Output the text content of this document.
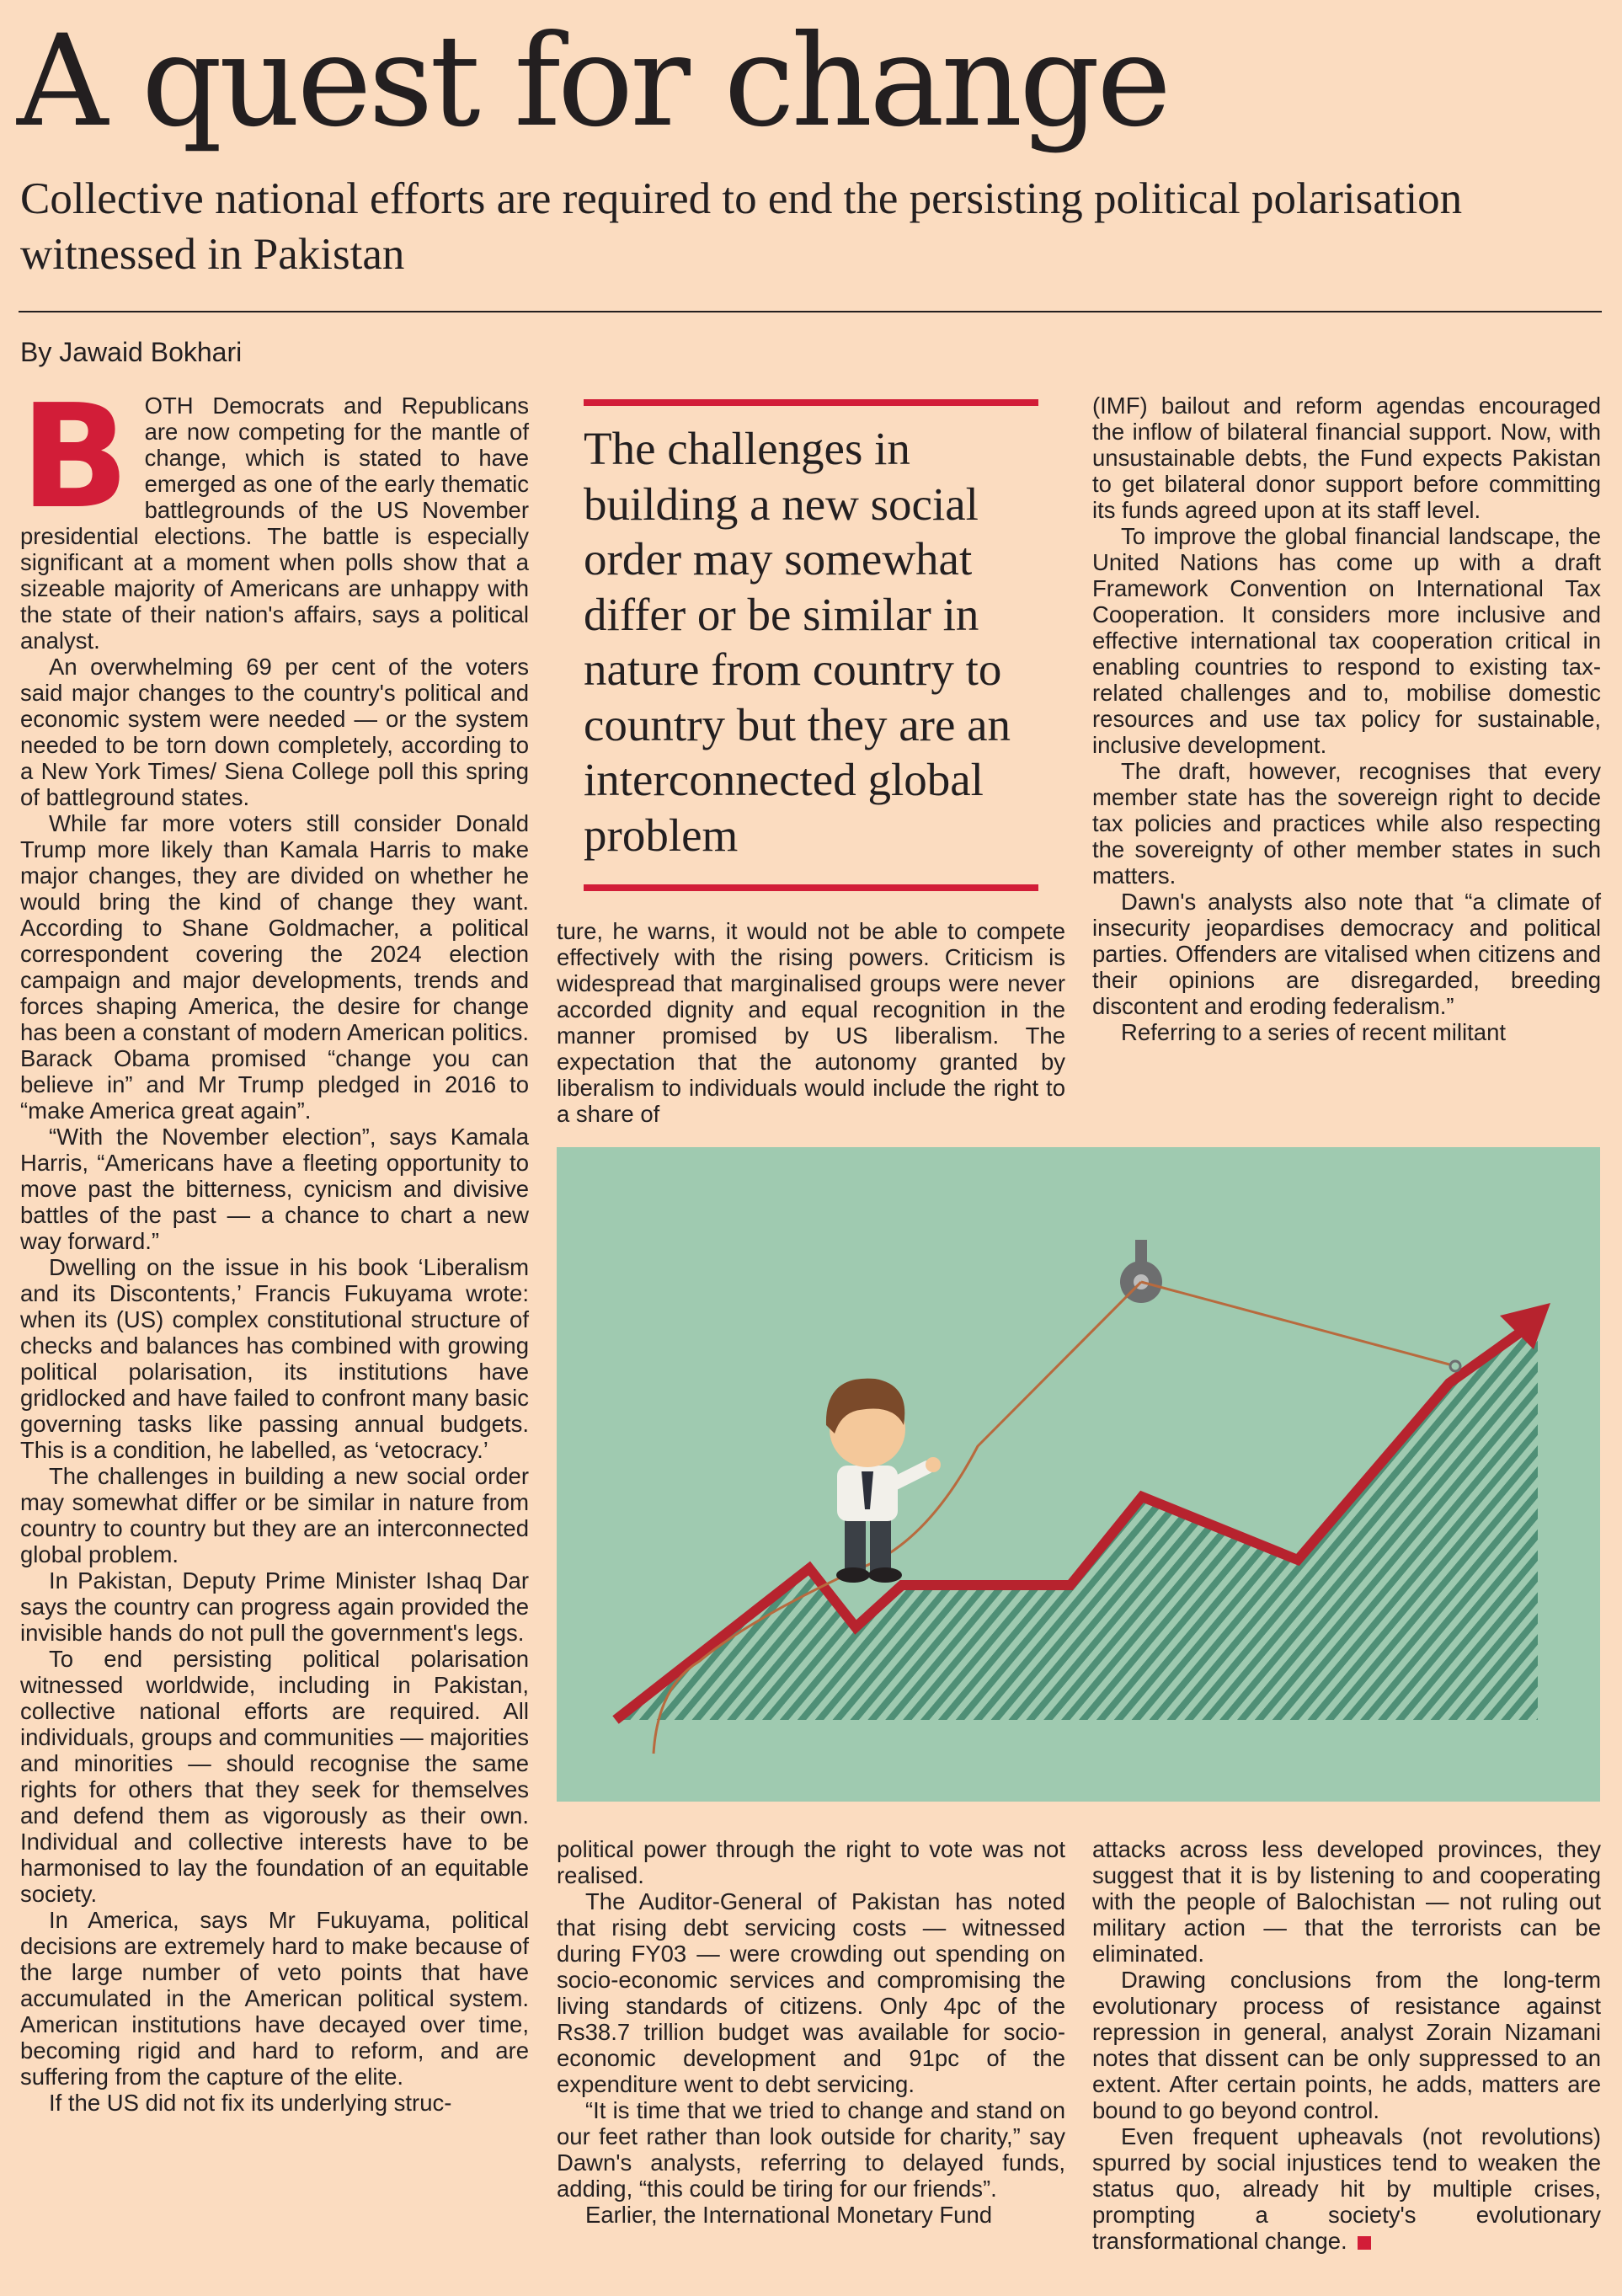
A quest for change
Collective national efforts are required to end the persisting political polarisation witnessed in Pakistan
By Jawaid Bokhari
B OTH Democrats and Republicans are now competing for the mantle of change, which is stated to have emerged as one of the early thematic battlegrounds of the US November presidential elections. The battle is especially significant at a moment when polls show that a sizeable majority of Americans are unhappy with the state of their nation's affairs, says a political analyst.

An overwhelming 69 per cent of the voters said major changes to the country's political and economic system were needed — or the system needed to be torn down completely, according to a New York Times/ Siena College poll this spring of battleground states.

While far more voters still consider Donald Trump more likely than Kamala Harris to make major changes, they are divided on whether he would bring the kind of change they want. According to Shane Goldmacher, a political correspondent covering the 2024 election campaign and major developments, trends and forces shaping America, the desire for change has been a constant of modern American politics. Barack Obama promised “change you can believe in” and Mr Trump pledged in 2016 to “make America great again”.

“With the November election”, says Kamala Harris, “Americans have a fleeting opportunity to move past the bitterness, cynicism and divisive battles of the past — a chance to chart a new way forward.”

Dwelling on the issue in his book ‘Liberalism and its Discontents,’ Francis Fukuyama wrote: when its (US) complex constitutional structure of checks and balances has combined with growing political polarisation, its institutions have gridlocked and have failed to confront many basic governing tasks like passing annual budgets. This is a condition, he labelled, as ‘vetocracy.’

The challenges in building a new social order may somewhat differ or be similar in nature from country to country but they are an interconnected global problem.

In Pakistan, Deputy Prime Minister Ishaq Dar says the country can progress again provided the invisible hands do not pull the government's legs.

To end persisting political polarisation witnessed worldwide, including in Pakistan, collective national efforts are required. All individuals, groups and communities — majorities and minorities — should recognise the same rights for others that they seek for themselves and defend them as vigorously as their own. Individual and collective interests have to be harmonised to lay the foundation of an equitable society.

In America, says Mr Fukuyama, political decisions are extremely hard to make because of the large number of veto points that have accumulated in the American political system. American institutions have decayed over time, becoming rigid and hard to reform, and are suffering from the capture of the elite.

If the US did not fix its underlying struc-

The challenges in building a new social order may somewhat differ or be similar in nature from country to country but they are an interconnected global problem

ture, he warns, it would not be able to compete effectively with the rising powers. Criticism is widespread that marginalised groups were never accorded dignity and equal recognition in the manner promised by US liberalism. The expectation that the autonomy granted by liberalism to individuals would include the right to a share of

(IMF) bailout and reform agendas encouraged the inflow of bilateral financial support. Now, with unsustainable debts, the Fund expects Pakistan to get bilateral donor support before committing its funds agreed upon at its staff level.

To improve the global financial landscape, the United Nations has come up with a draft Framework Convention on International Tax Cooperation. It considers more inclusive and effective international tax cooperation critical in enabling countries to respond to existing tax-related challenges and to, mobilise domestic resources and use tax policy for sustainable, inclusive development.

The draft, however, recognises that every member state has the sovereign right to decide tax policies and practices while also respecting the sovereignty of other member states in such matters.

Dawn's analysts also note that “a climate of insecurity jeopardises democracy and political parties. Offenders are vitalised when citizens and their opinions are disregarded, breeding discontent and eroding federalism.”

Referring to a series of recent militant

political power through the right to vote was not realised.

The Auditor-General of Pakistan has noted that rising debt servicing costs — witnessed during FY03 — were crowding out spending on socio-economic services and compromising the living standards of citizens. Only 4pc of the Rs38.7 trillion budget was available for socio-economic development and 91pc of the expenditure went to debt servicing.

“It is time that we tried to change and stand on our feet rather than look outside for charity,” say Dawn's analysts, referring to delayed funds, adding, “this could be tiring for our friends”.

Earlier, the International Monetary Fund

attacks across less developed provinces, they suggest that it is by listening to and cooperating with the people of Balochistan — not ruling out military action — that the terrorists can be eliminated.

Drawing conclusions from the long-term evolutionary process of resistance against repression in general, analyst Zorain Nizamani notes that dissent can be only suppressed to an extent. After certain points, he adds, matters are bound to go beyond control.

Even frequent upheavals (not revolutions) spurred by social injustices tend to weaken the status quo, already hit by multiple crises, prompting a society's evolutionary transformational change.
